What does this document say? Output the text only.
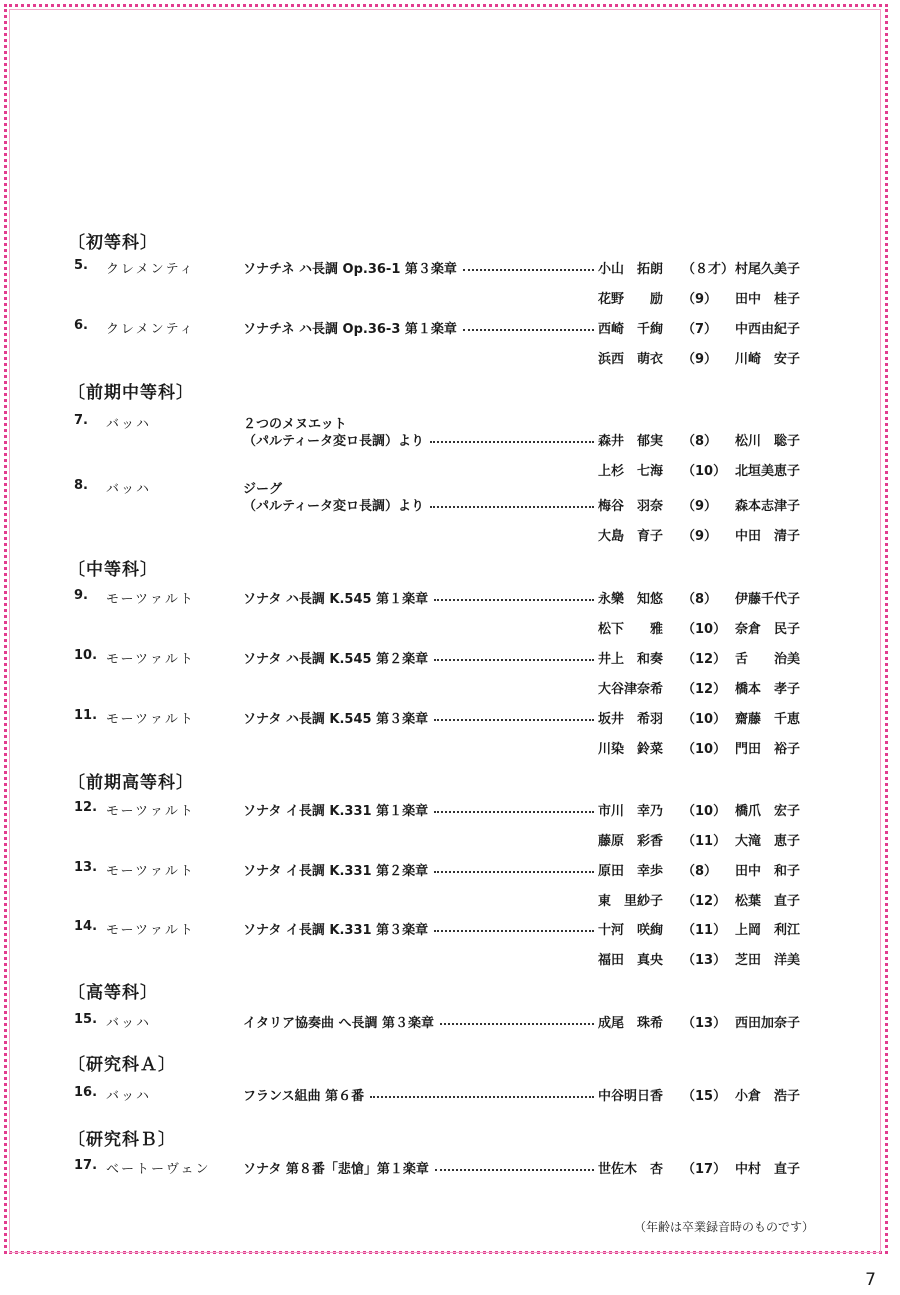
〔初等科〕
5. クレメンティ	ソナチネ ハ長調 Op.36-1 第３楽章	小山　拓朗 （８才） 村尾久美子
花野　　励 （9） 田中　桂子
6. クレメンティ	ソナチネ ハ長調 Op.36-3 第１楽章	西崎　千絢 （7） 中西由紀子
浜西　萌衣 （9） 川崎　安子
〔前期中等科〕
7. バッハ	２つのメヌエット
（パルティータ変ロ長調）より	森井　郁実 （8） 松川　聡子
上杉　七海 （10） 北垣美恵子
8. バッハ	ジーグ
（パルティータ変ロ長調）より	梅谷　羽奈 （9） 森本志津子
大島　育子 （9） 中田　清子
〔中等科〕
9. モーツァルト	ソナタ ハ長調 K.545 第１楽章	永樂　知悠 （8） 伊藤千代子
松下　　雅 （10） 奈倉　民子
10. モーツァルト	ソナタ ハ長調 K.545 第２楽章	井上　和奏 （12） 舌　　治美
大谷津奈希 （12） 橋本　孝子
11. モーツァルト	ソナタ ハ長調 K.545 第３楽章	坂井　希羽 （10） 齋藤　千恵
川染　鈴菜 （10） 門田　裕子
〔前期高等科〕
12. モーツァルト	ソナタ イ長調 K.331 第１楽章	市川　幸乃 （10） 橋爪　宏子
藤原　彩香 （11） 大滝　恵子
13. モーツァルト	ソナタ イ長調 K.331 第２楽章	原田　幸歩 （8） 田中　和子
東　里紗子 （12） 松葉　直子
14. モーツァルト	ソナタ イ長調 K.331 第３楽章	十河　咲絢 （11） 上岡　利江
福田　真央 （13） 芝田　洋美
〔高等科〕
15. バッハ	イタリア協奏曲 へ長調 第３楽章	成尾　珠希 （13） 西田加奈子
〔研究科Ａ〕
16. バッハ	フランス組曲 第６番	中谷明日香 （15） 小倉　浩子
〔研究科Ｂ〕
17. ベートーヴェン	ソナタ 第８番「悲愴」第１楽章	世佐木　杏 （17） 中村　直子
（年齢は卒業録音時のものです）
7
